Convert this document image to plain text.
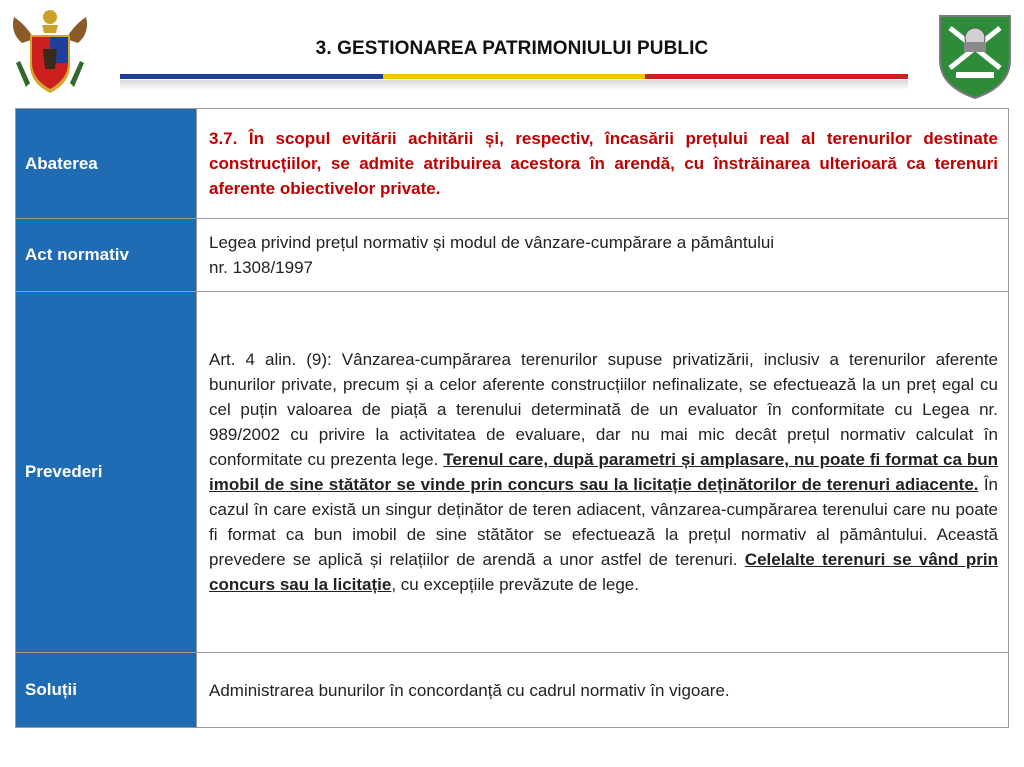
3. GESTIONAREA PATRIMONIULUI PUBLIC
Abaterea	3.7. În scopul evitării achitării și, respectiv, încasării prețului real al terenurilor destinate construcțiilor, se admite atribuirea acestora în arendă, cu înstrăinarea ulterioară ca terenuri aferente obiectivelor private.
Act normativ	Legea privind prețul normativ și modul de vânzare-cumpărare a pământului
nr. 1308/1997
Prevederi	Art. 4 alin. (9): Vânzarea-cumpărarea terenurilor supuse privatizării, inclusiv a terenurilor aferente bunurilor private, precum și a celor aferente construcțiilor nefinalizate, se efectuează la un preț egal cu cel puțin valoarea de piață a terenului determinată de un evaluator în conformitate cu Legea nr. 989/2002 cu privire la activitatea de evaluare, dar nu mai mic decât prețul normativ calculat în conformitate cu prezenta lege. Terenul care, după parametri și amplasare, nu poate fi format ca bun imobil de sine stătător se vinde prin concurs sau la licitație deținătorilor de terenuri adiacente. În cazul în care există un singur deținător de teren adiacent, vânzarea-cumpărarea terenului care nu poate fi format ca bun imobil de sine stătător se efectuează la prețul normativ al pământului. Această prevedere se aplică și relațiilor de arendă a unor astfel de terenuri. Celelalte terenuri se vând prin concurs sau la licitație, cu excepțiile prevăzute de lege.
Soluții	Administrarea bunurilor în concordanță cu cadrul normativ în vigoare.
